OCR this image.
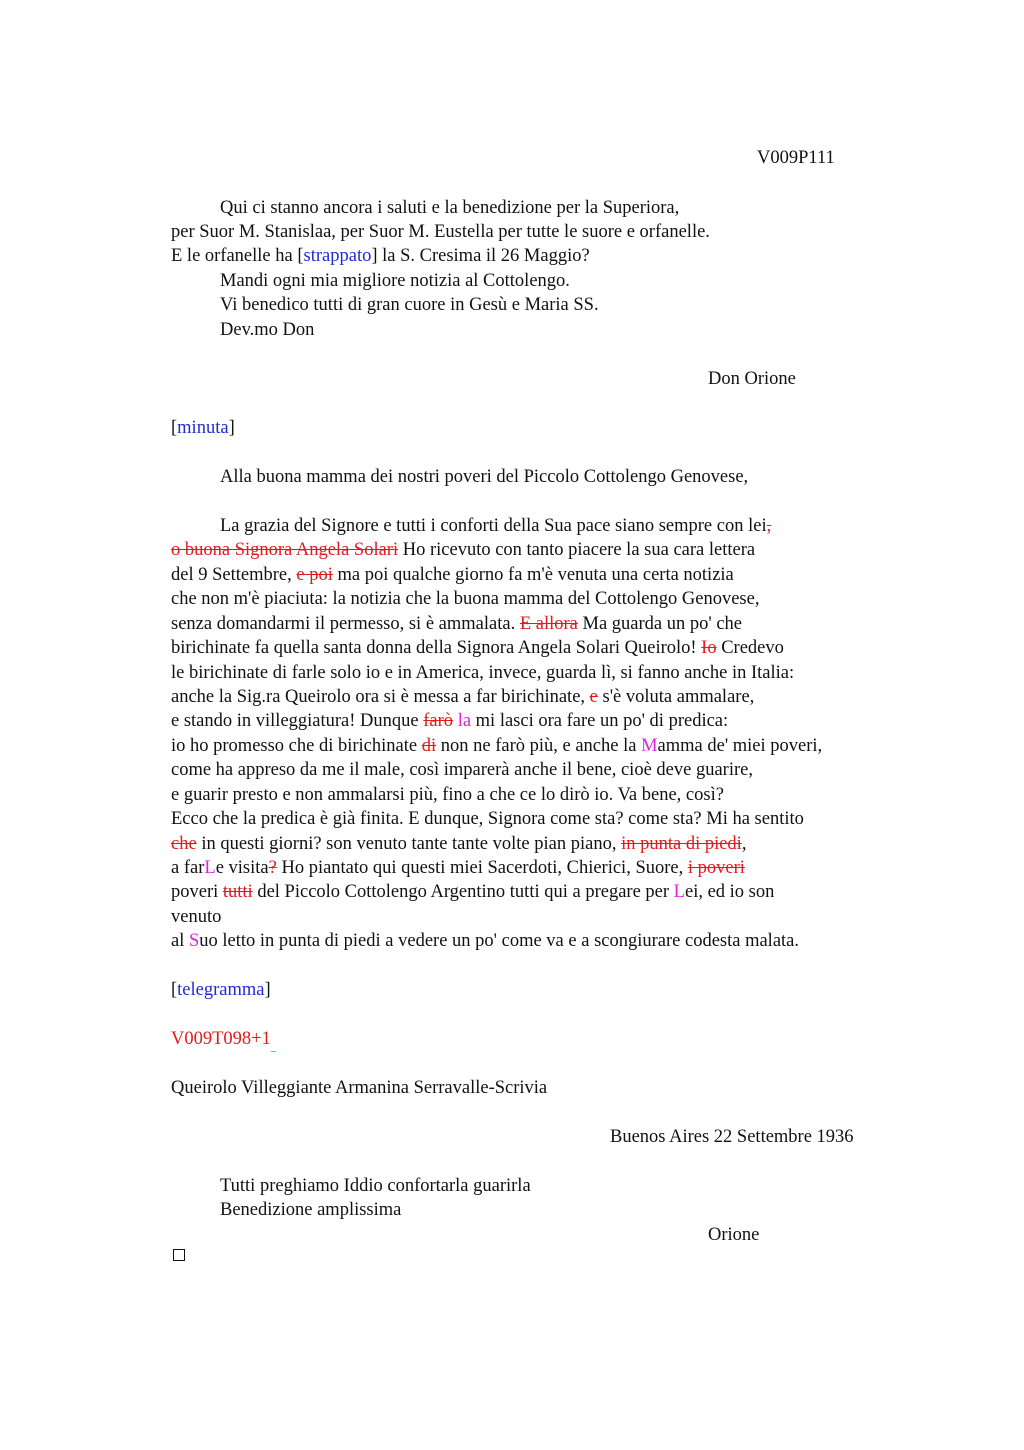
V009P111
Qui ci stanno ancora i saluti e la benedizione per la Superiora,
per Suor M. Stanislaa, per Suor M. Eustella per tutte le suore e orfanelle.
E le orfanelle ha [strappato] la S. Cresima il 26 Maggio?
Mandi ogni mia migliore notizia al Cottolengo.
Vi benedico tutti di gran cuore in Gesù e Maria SS.
Dev.mo Don
Don Orione
[minuta]
Alla buona mamma dei nostri poveri del Piccolo Cottolengo Genovese,
La grazia del Signore e tutti i conforti della Sua pace siano sempre con lei,
o buona Signora Angela Solari Ho ricevuto con tanto piacere la sua cara lettera
del 9 Settembre, e poi ma poi qualche giorno fa m'è venuta una certa notizia
che non m'è piaciuta: la notizia che la buona mamma del Cottolengo Genovese,
senza domandarmi il permesso, si è ammalata. E allora Ma guarda un po' che
birichinate fa quella santa donna della Signora Angela Solari Queirolo! Io Credevo
le birichinate di farle solo io e in America, invece, guarda lì, si fanno anche in Italia:
anche la Sig.ra Queirolo ora si è messa a far birichinate, e s'è voluta ammalare,
e stando in villeggiatura! Dunque farò la mi lasci ora fare un po' di predica:
io ho promesso che di birichinate di non ne farò più, e anche la Mamma de' miei poveri,
come ha appreso da me il male, così imparerà anche il bene, cioè deve guarire,
e guarir presto e non ammalarsi più, fino a che ce lo dirò io. Va bene, così?
Ecco che la predica è già finita. E dunque, Signora come sta? come sta? Mi ha sentito
che in questi giorni? son venuto tante tante volte pian piano, in punta di piedi,
a farLe visita? Ho piantato qui questi miei Sacerdoti, Chierici, Suore, i poveri
poveri tutti del Piccolo Cottolengo Argentino tutti qui a pregare per Lei, ed io son
venuto
al Suo letto in punta di piedi a vedere un po' come va e a scongiurare codesta malata.
[telegramma]
$V009T098+1_{\_}$
Queirolo Villeggiante Armanina Serravalle-Scrivia
Buenos Aires 22 Settembre 1936
Tutti preghiamo Iddio confortarla guarirla
Benedizione amplissima
Orione
